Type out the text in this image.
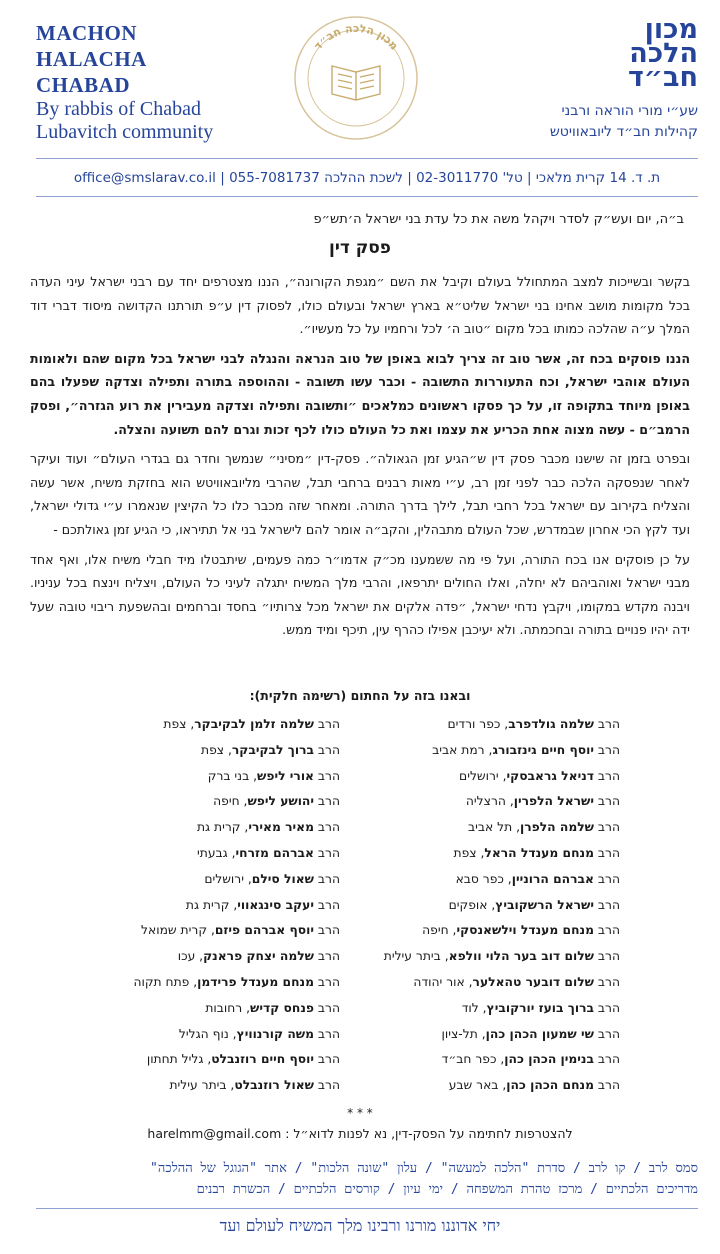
MACHON
HALACHA
CHABAD
By rabbis of Chabad
Lubavitch community
מכון הלכה חב״ד
מכון
הלכה
חב״ד
שע״י מורי הוראה ורבני
קהילות חב״ד ליובאוויטש
ת. ד. 14 קרית מלאכי | טל' 02-3011770 | לשכת ההלכה 055-7081737 | office@smslarav.co.il
ב״ה, יום ועש״ק לסדר ויקהל משה את כל עדת בני ישראל ה׳תש״פ
פסק דין

בקשר ובשייכות למצב המתחולל בעולם וקיבל את השם ״מגפת הקורונה״, הננו מצטרפים יחד עם רבני ישראל עיני העדה בכל מקומות מושב אחינו בני ישראל שליט״א בארץ ישראל ובעולם כולו, לפסוק דין ע״פ תורתנו הקדושה מיסוד דברי דוד המלך ע״ה שהלכה כמותו בכל מקום ״טוב ה׳ לכל ורחמיו על כל מעשיו״.

הננו פוסקים בכח זה, אשר טוב זה צריך לבוא באופן של טוב הנראה והנגלה לבני ישראל בכל מקום שהם ולאומות העולם אוהבי ישראל, וכח התעוררות התשובה - וכבר עשו תשובה - וההוספה בתורה ותפילה וצדקה שפעלו בהם באופן מיוחד בתקופה זו, על כך פסקו ראשונים כמלאכים ״ותשובה ותפילה וצדקה מעבירין את רוע הגזרה״, ופסק הרמב״ם - עשה מצוה אחת הכריע את עצמו ואת כל העולם כולו לכף זכות וגרם להם תשועה והצלה.

ובפרט בזמן זה שישנו מכבר פסק דין ש״הגיע זמן הגאולה״. פסק-דין ״מסיני״ שנמשך וחדר גם בגדרי העולם״ ועוד ועיקר לאחר שנפסקה הלכה כבר לפני זמן רב, ע״י מאות רבנים ברחבי תבל, שהרבי מליובאוויטש הוא בחזקת משיח, אשר עשה והצליח בקירוב עם ישראל בכל רחבי תבל, לילך בדרך התורה. ומאחר שזה מכבר כלו כל הקיצין שנאמרו ע״י גדולי ישראל, ועד לקץ הכי אחרון שבמדרש, שכל העולם מתבהלין, והקב״ה אומר להם לישראל בני אל תתיראו, כי הגיע זמן גאולתכם -

על כן פוסקים אנו בכח התורה, ועל פי מה ששמענו מכ״ק אדמו״ר כמה פעמים, שיתבטלו מיד חבלי משיח אלו, ואף אחד מבני ישראל ואוהביהם לא יחלה, ואלו החולים יתרפאו, והרבי מלך המשיח יתגלה לעיני כל העולם, ויצליח וינצח בכל עניניו. ויבנה מקדש במקומו, ויקבץ נדחי ישראל, ״פדה אלקים את ישראל מכל צרותיו״ בחסד וברחמים ובהשפעת ריבוי טובה שעל ידה יהיו פנויים בתורה ובחכמתה. ולא יעיכבן אפילו כהרף עין, תיכף ומיד ממש.

ובאנו בזה על החתום (רשימה חלקית):
הרב שלמה גולדפרב, כפר ורדים
הרב יוסף חיים גינזבורג, רמת אביב
הרב דניאל גראבסקי, ירושלים
הרב ישראל הלפרין, הרצליה
הרב שלמה הלפרן, תל אביב
הרב מנחם מענדל הראל, צפת
הרב אברהם הרוניין, כפר סבא
הרב ישראל הרשקוביץ, אופקים
הרב מנחם מענדל וילשאנסקי, חיפה
הרב שלום דוב בער הלוי וולפא, ביתר עילית
הרב שלום דובער טהאלער, אור יהודה
הרב ברוך בועז יורקוביץ, לוד
הרב שי שמעון הכהן כהן, תל-ציון
הרב בנימין הכהן כהן, כפר חב״ד
הרב מנחם הכהן כהן, באר שבע
הרב שלמה זלמן לבקיבקר, צפת
הרב ברוך לבקיבקר, צפת
הרב אורי ליפש, בני ברק
הרב יהושע ליפש, חיפה
הרב מאיר מאירי, קרית גת
הרב אברהם מזרחי, גבעתי
הרב שאול סילם, ירושלים
הרב יעקב סינגאווי, קרית גת
הרב יוסף אברהם פיזם, קרית שמואל
הרב שלמה יצחק פראנק, עכו
הרב מנחם מענדל פרידמן, פתח תקוה
הרב פנחס קדיש, רחובות
הרב משה קורנוויץ, נוף הגליל
הרב יוסף חיים רוזנבלט, גליל תחתון
הרב שאול רוזנבלט, ביתר עילית
* * *
להצטרפות לחתימה על הפסק-דין, נא לפנות לדוא״ל : harelmm@gmail.com
סמס לרב / קו לרב / סדרת "הלכה למעשה" / עלון "שונה הלכות" / אתר "הגוגל של ההלכה"
מדריכים הלכתיים / מרכז טהרת המשפחה / ימי עיון / קורסים הלכתיים / הכשרת רבנים
יחי אדוננו מורנו ורבינו מלך המשיח לעולם ועד
